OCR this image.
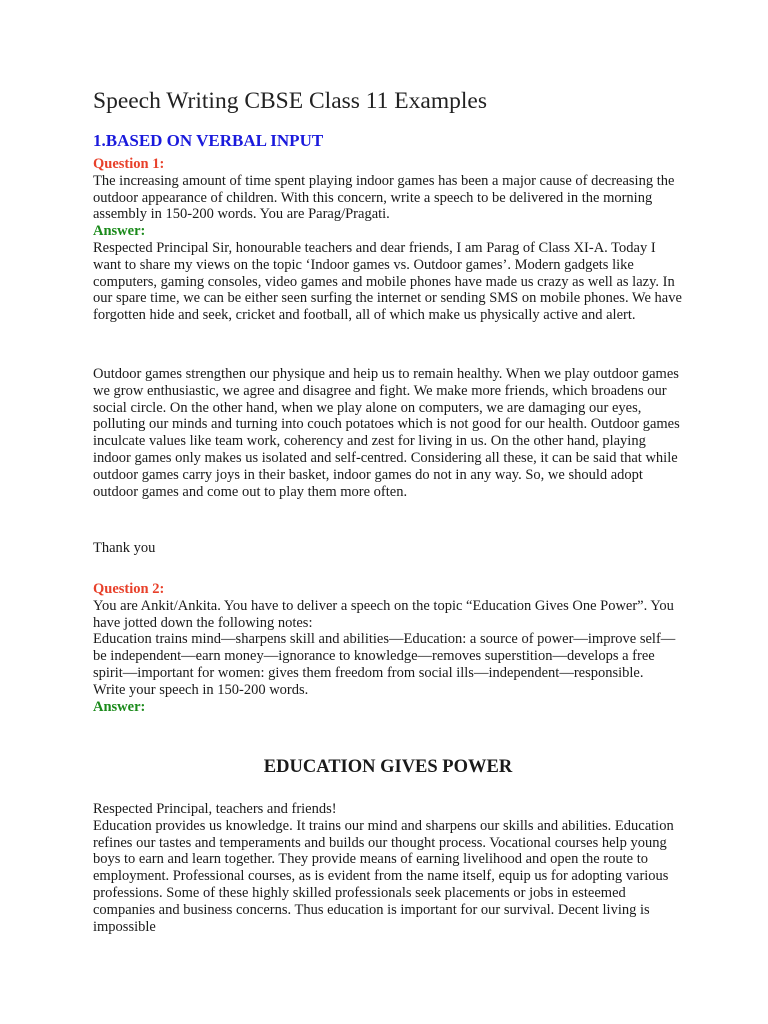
Speech Writing CBSE Class 11 Examples
1.BASED ON VERBAL INPUT
Question 1:
The increasing amount of time spent playing indoor games has been a major cause of decreasing the outdoor appearance of children. With this concern, write a speech to be delivered in the morning assembly in 150-200 words. You are Parag/Pragati.
Answer:
Respected Principal Sir, honourable teachers and dear friends, I am Parag of Class XI-A. Today I want to share my views on the topic ‘Indoor games vs. Outdoor games’. Modern gadgets like computers, gaming consoles, video games and mobile phones have made us crazy as well as lazy. In our spare time, we can be either seen surfing the internet or sending SMS on mobile phones. We have forgotten hide and seek, cricket and football, all of which make us physically active and alert.
Outdoor games strengthen our physique and heip us to remain healthy. When we play outdoor games we grow enthusiastic, we agree and disagree and fight. We make more friends, which broadens our social circle. On the other hand, when we play alone on computers, we are damaging our eyes, polluting our minds and turning into couch potatoes which is not good for our health. Outdoor games inculcate values like team work, coherency and zest for living in us. On the other hand, playing indoor games only makes us isolated and self-centred. Considering all these, it can be said that while outdoor games carry joys in their basket, indoor games do not in any way. So, we should adopt outdoor games and come out to play them more often.
Thank you
Question 2:
You are Ankit/Ankita. You have to deliver a speech on the topic “Education Gives One Power”. You have jotted down the following notes:
Education trains mind—sharpens skill and abilities—Education: a source of power—improve self—be independent—earn money—ignorance to knowledge—removes superstition—develops a free spirit—important for women: gives them freedom from social ills—independent—responsible.
Write your speech in 150-200 words.
Answer:
EDUCATION GIVES POWER
Respected Principal, teachers and friends!
Education provides us knowledge. It trains our mind and sharpens our skills and abilities. Education refines our tastes and temperaments and builds our thought process. Vocational courses help young boys to earn and learn together. They provide means of earning livelihood and open the route to employment. Professional courses, as is evident from the name itself, equip us for adopting various professions. Some of these highly skilled professionals seek placements or jobs in esteemed companies and business concerns. Thus education is important for our survival. Decent living is impossible
